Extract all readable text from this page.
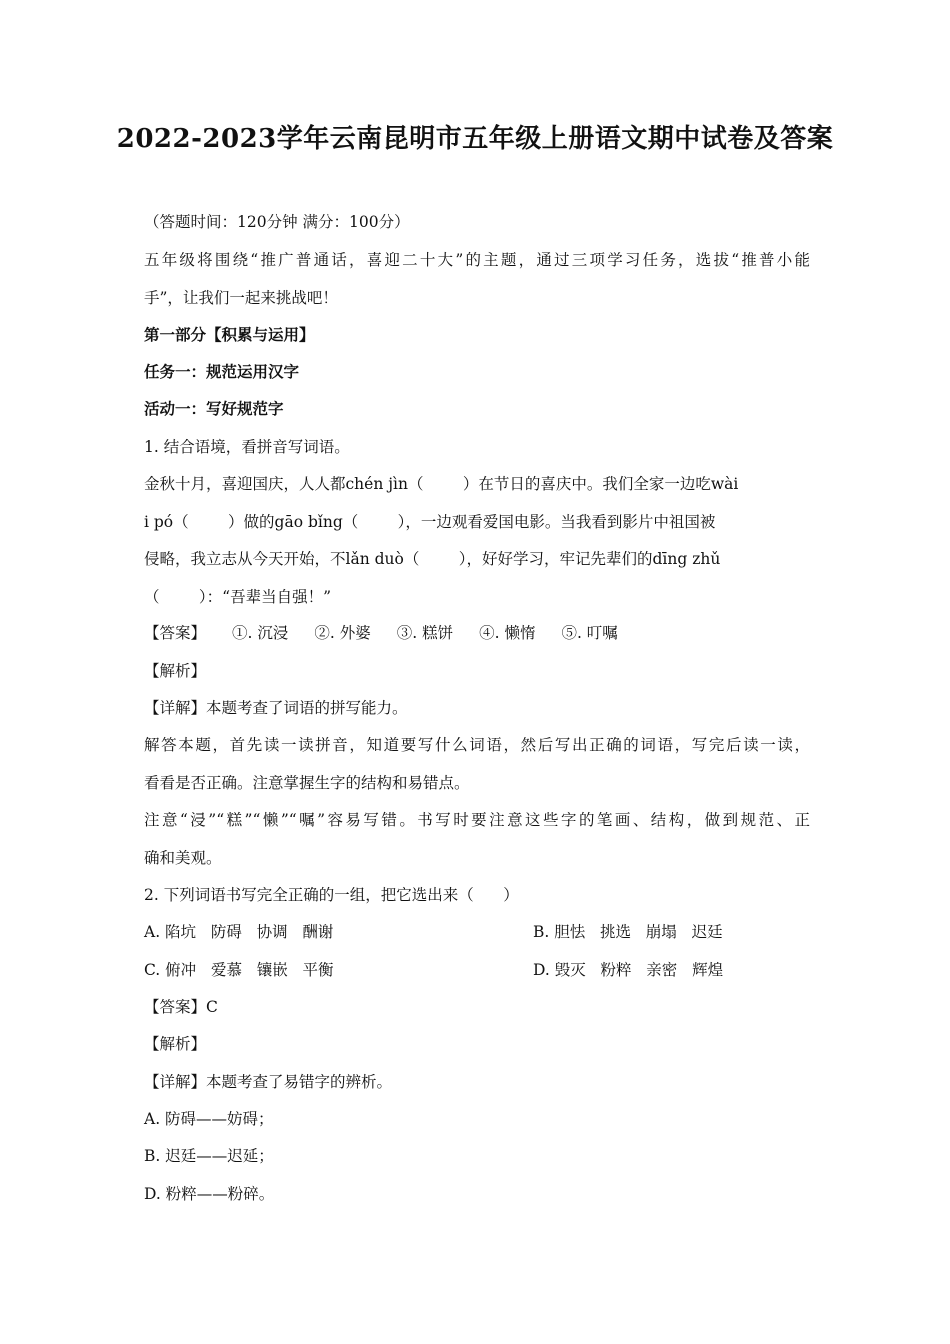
2022-2023学年云南昆明市五年级上册语文期中试卷及答案
（答题时间：120分钟 满分：100分）
五年级将围绕“推广普通话，喜迎二十大”的主题，通过三项学习任务，选拔“推普小能
手”，让我们一起来挑战吧！
第一部分【积累与运用】
任务一：规范运用汉字
活动一：写好规范字
1. 结合语境，看拼音写词语。
金秋十月，喜迎国庆，人人都chén jìn（        ）在节日的喜庆中。我们全家一边吃wài
i pó（        ）做的gāo bǐng（        ），一边观看爱国电影。当我看到影片中祖国被
侵略，我立志从今天开始，不lǎn duò（        ），好好学习，牢记先辈们的dīng zhǔ
（        ）：“吾辈当自强！”
【答案】 ①. 沉浸 ②. 外婆 ③. 糕饼 ④. 懒惰 ⑤. 叮嘱
【解析】
【详解】本题考查了词语的拼写能力。
解答本题，首先读一读拼音，知道要写什么词语，然后写出正确的词语，写完后读一读，
看看是否正确。注意掌握生字的结构和易错点。
注意“浸”“糕”“懒”“嘱”容易写错。书写时要注意这些字的笔画、结构，做到规范、正
确和美观。
2. 下列词语书写完全正确的一组，把它选出来（      ）
A. 陷坑   防碍   协调   酬谢	B. 胆怯   挑选   崩塌   迟廷
C. 俯冲   爱慕   镶嵌   平衡	D. 毁灭   粉粹   亲密   辉煌
【答案】C
【解析】
【详解】本题考查了易错字的辨析。
A. 防碍——妨碍；
B. 迟廷——迟延；
D. 粉粹——粉碎。
